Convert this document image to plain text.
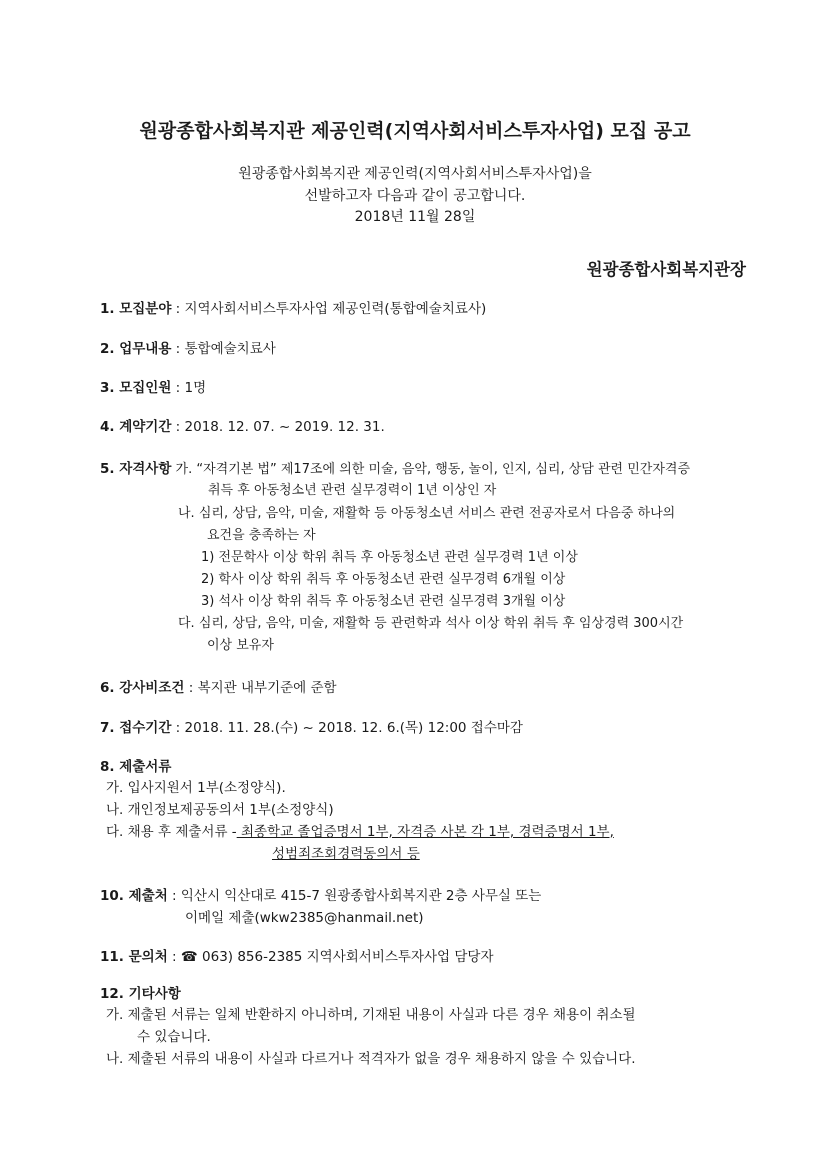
원광종합사회복지관 제공인력(지역사회서비스투자사업) 모집 공고
원광종합사회복지관 제공인력(지역사회서비스투자사업)을
선발하고자 다음과 같이 공고합니다.
2018년 11월 28일
원광종합사회복지관장
1. 모집분야 : 지역사회서비스투자사업 제공인력(통합예술치료사)
2. 업무내용 : 통합예술치료사
3. 모집인원 : 1명
4. 계약기간 : 2018. 12. 07. ~ 2019. 12. 31.
5. 자격사항 가. “자격기본 법” 제17조에 의한 미술, 음악, 행동, 놀이, 인지, 심리, 상담 관련 민간자격증
취득 후 아동청소년 관련 실무경력이 1년 이상인 자
나. 심리, 상담, 음악, 미술, 재활학 등 아동청소년 서비스 관련 전공자로서 다음중 하나의
요건을 충족하는 자
1) 전문학사 이상 학위 취득 후 아동청소년 관련 실무경력 1년 이상
2) 학사 이상 학위 취득 후 아동청소년 관련 실무경력 6개월 이상
3) 석사 이상 학위 취득 후 아동청소년 관련 실무경력 3개월 이상
다. 심리, 상담, 음악, 미술, 재활학 등 관련학과 석사 이상 학위 취득 후 임상경력 300시간
이상 보유자
6. 강사비조건 : 복지관 내부기준에 준함
7. 접수기간 : 2018. 11. 28.(수) ~ 2018. 12. 6.(목) 12:00 접수마감
8. 제출서류
가. 입사지원서 1부(소정양식).
나. 개인정보제공동의서 1부(소정양식)
다. 채용 후 제출서류 - 최종학교 졸업증명서 1부, 자격증 사본 각 1부, 경력증명서 1부,
성범죄조회경력동의서 등
10. 제출처 : 익산시 익산대로 415-7 원광종합사회복지관 2층 사무실 또는
이메일 제출(wkw2385@hanmail.net)
11. 문의처 : ☎ 063) 856-2385 지역사회서비스투자사업 담당자
12. 기타사항
가. 제출된 서류는 일체 반환하지 아니하며, 기재된 내용이 사실과 다른 경우 채용이 취소될
수 있습니다.
나. 제출된 서류의 내용이 사실과 다르거나 적격자가 없을 경우 채용하지 않을 수 있습니다.
